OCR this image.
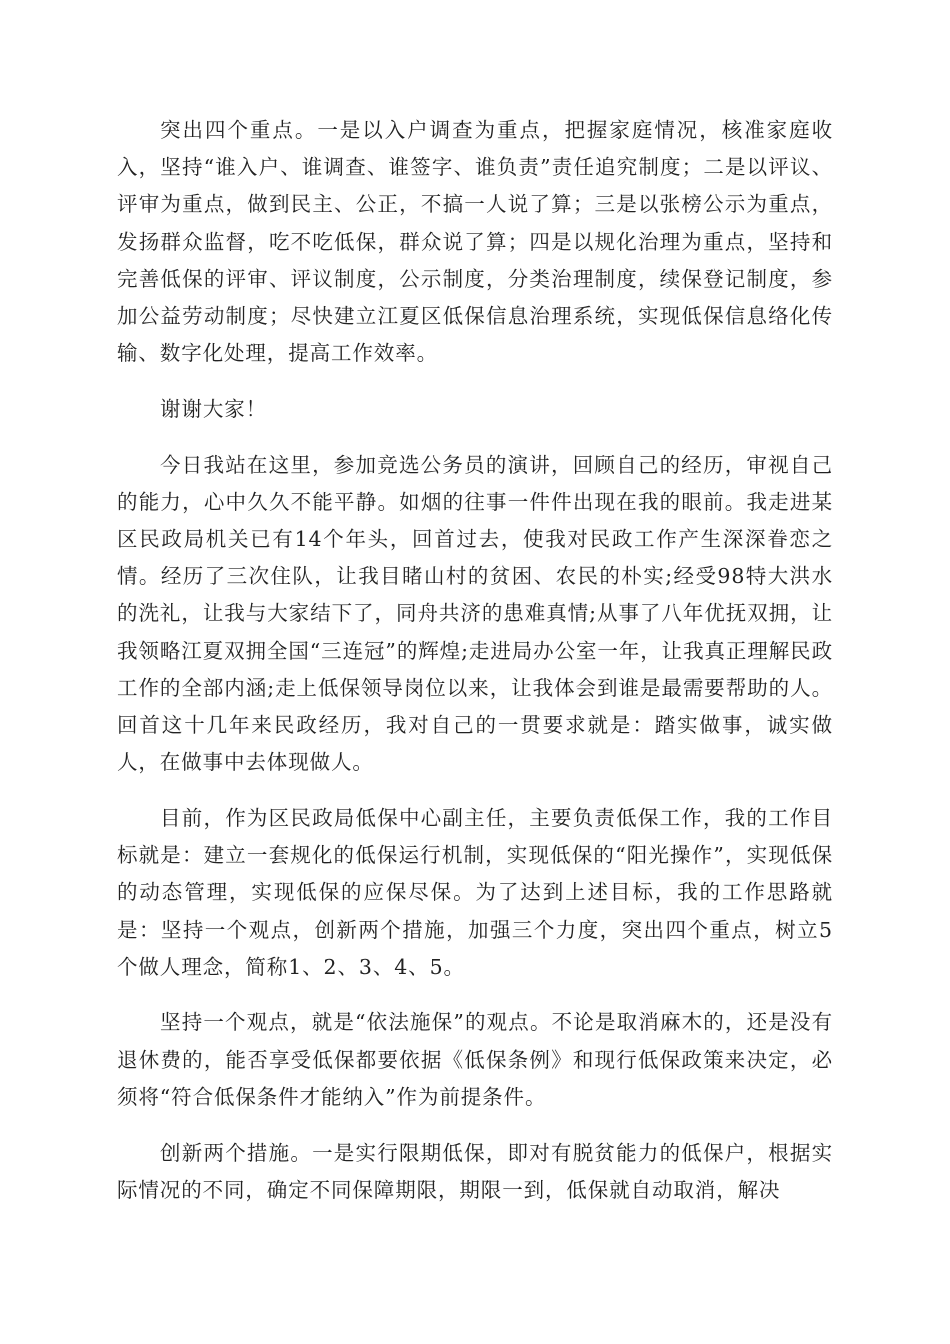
突出四个重点。一是以入户调查为重点，把握家庭情况，核准家庭收入，坚持“谁入户、谁调查、谁签字、谁负责”责任追究制度；二是以评议、评审为重点，做到民主、公正，不搞一人说了算；三是以张榜公示为重点，发扬群众监督，吃不吃低保，群众说了算；四是以规化治理为重点，坚持和完善低保的评审、评议制度，公示制度，分类治理制度，续保登记制度，参加公益劳动制度；尽快建立江夏区低保信息治理系统，实现低保信息络化传输、数字化处理，提高工作效率。

谢谢大家！

今日我站在这里，参加竞选公务员的演讲，回顾自己的经历，审视自己的能力，心中久久不能平静。如烟的往事一件件出现在我的眼前。我走进某区民政局机关已有14个年头，回首过去，使我对民政工作产生深深眷恋之情。经历了三次住队，让我目睹山村的贫困、农民的朴实;经受98特大洪水的洗礼，让我与大家结下了，同舟共济的患难真情;从事了八年优抚双拥，让我领略江夏双拥全国“三连冠”的辉煌;走进局办公室一年，让我真正理解民政工作的全部内涵;走上低保领导岗位以来，让我体会到谁是最需要帮助的人。回首这十几年来民政经历，我对自己的一贯要求就是：踏实做事，诚实做人，在做事中去体现做人。

目前，作为区民政局低保中心副主任，主要负责低保工作，我的工作目标就是：建立一套规化的低保运行机制，实现低保的“阳光操作”，实现低保的动态管理，实现低保的应保尽保。为了达到上述目标，我的工作思路就是：坚持一个观点，创新两个措施，加强三个力度，突出四个重点，树立5个做人理念，简称1、2、3、4、5。

坚持一个观点，就是“依法施保”的观点。不论是取消麻木的，还是没有退休费的，能否享受低保都要依据《低保条例》和现行低保政策来决定，必须将“符合低保条件才能纳入”作为前提条件。

创新两个措施。一是实行限期低保，即对有脱贫能力的低保户，根据实际情况的不同，确定不同保障期限，期限一到，低保就自动取消，解决
